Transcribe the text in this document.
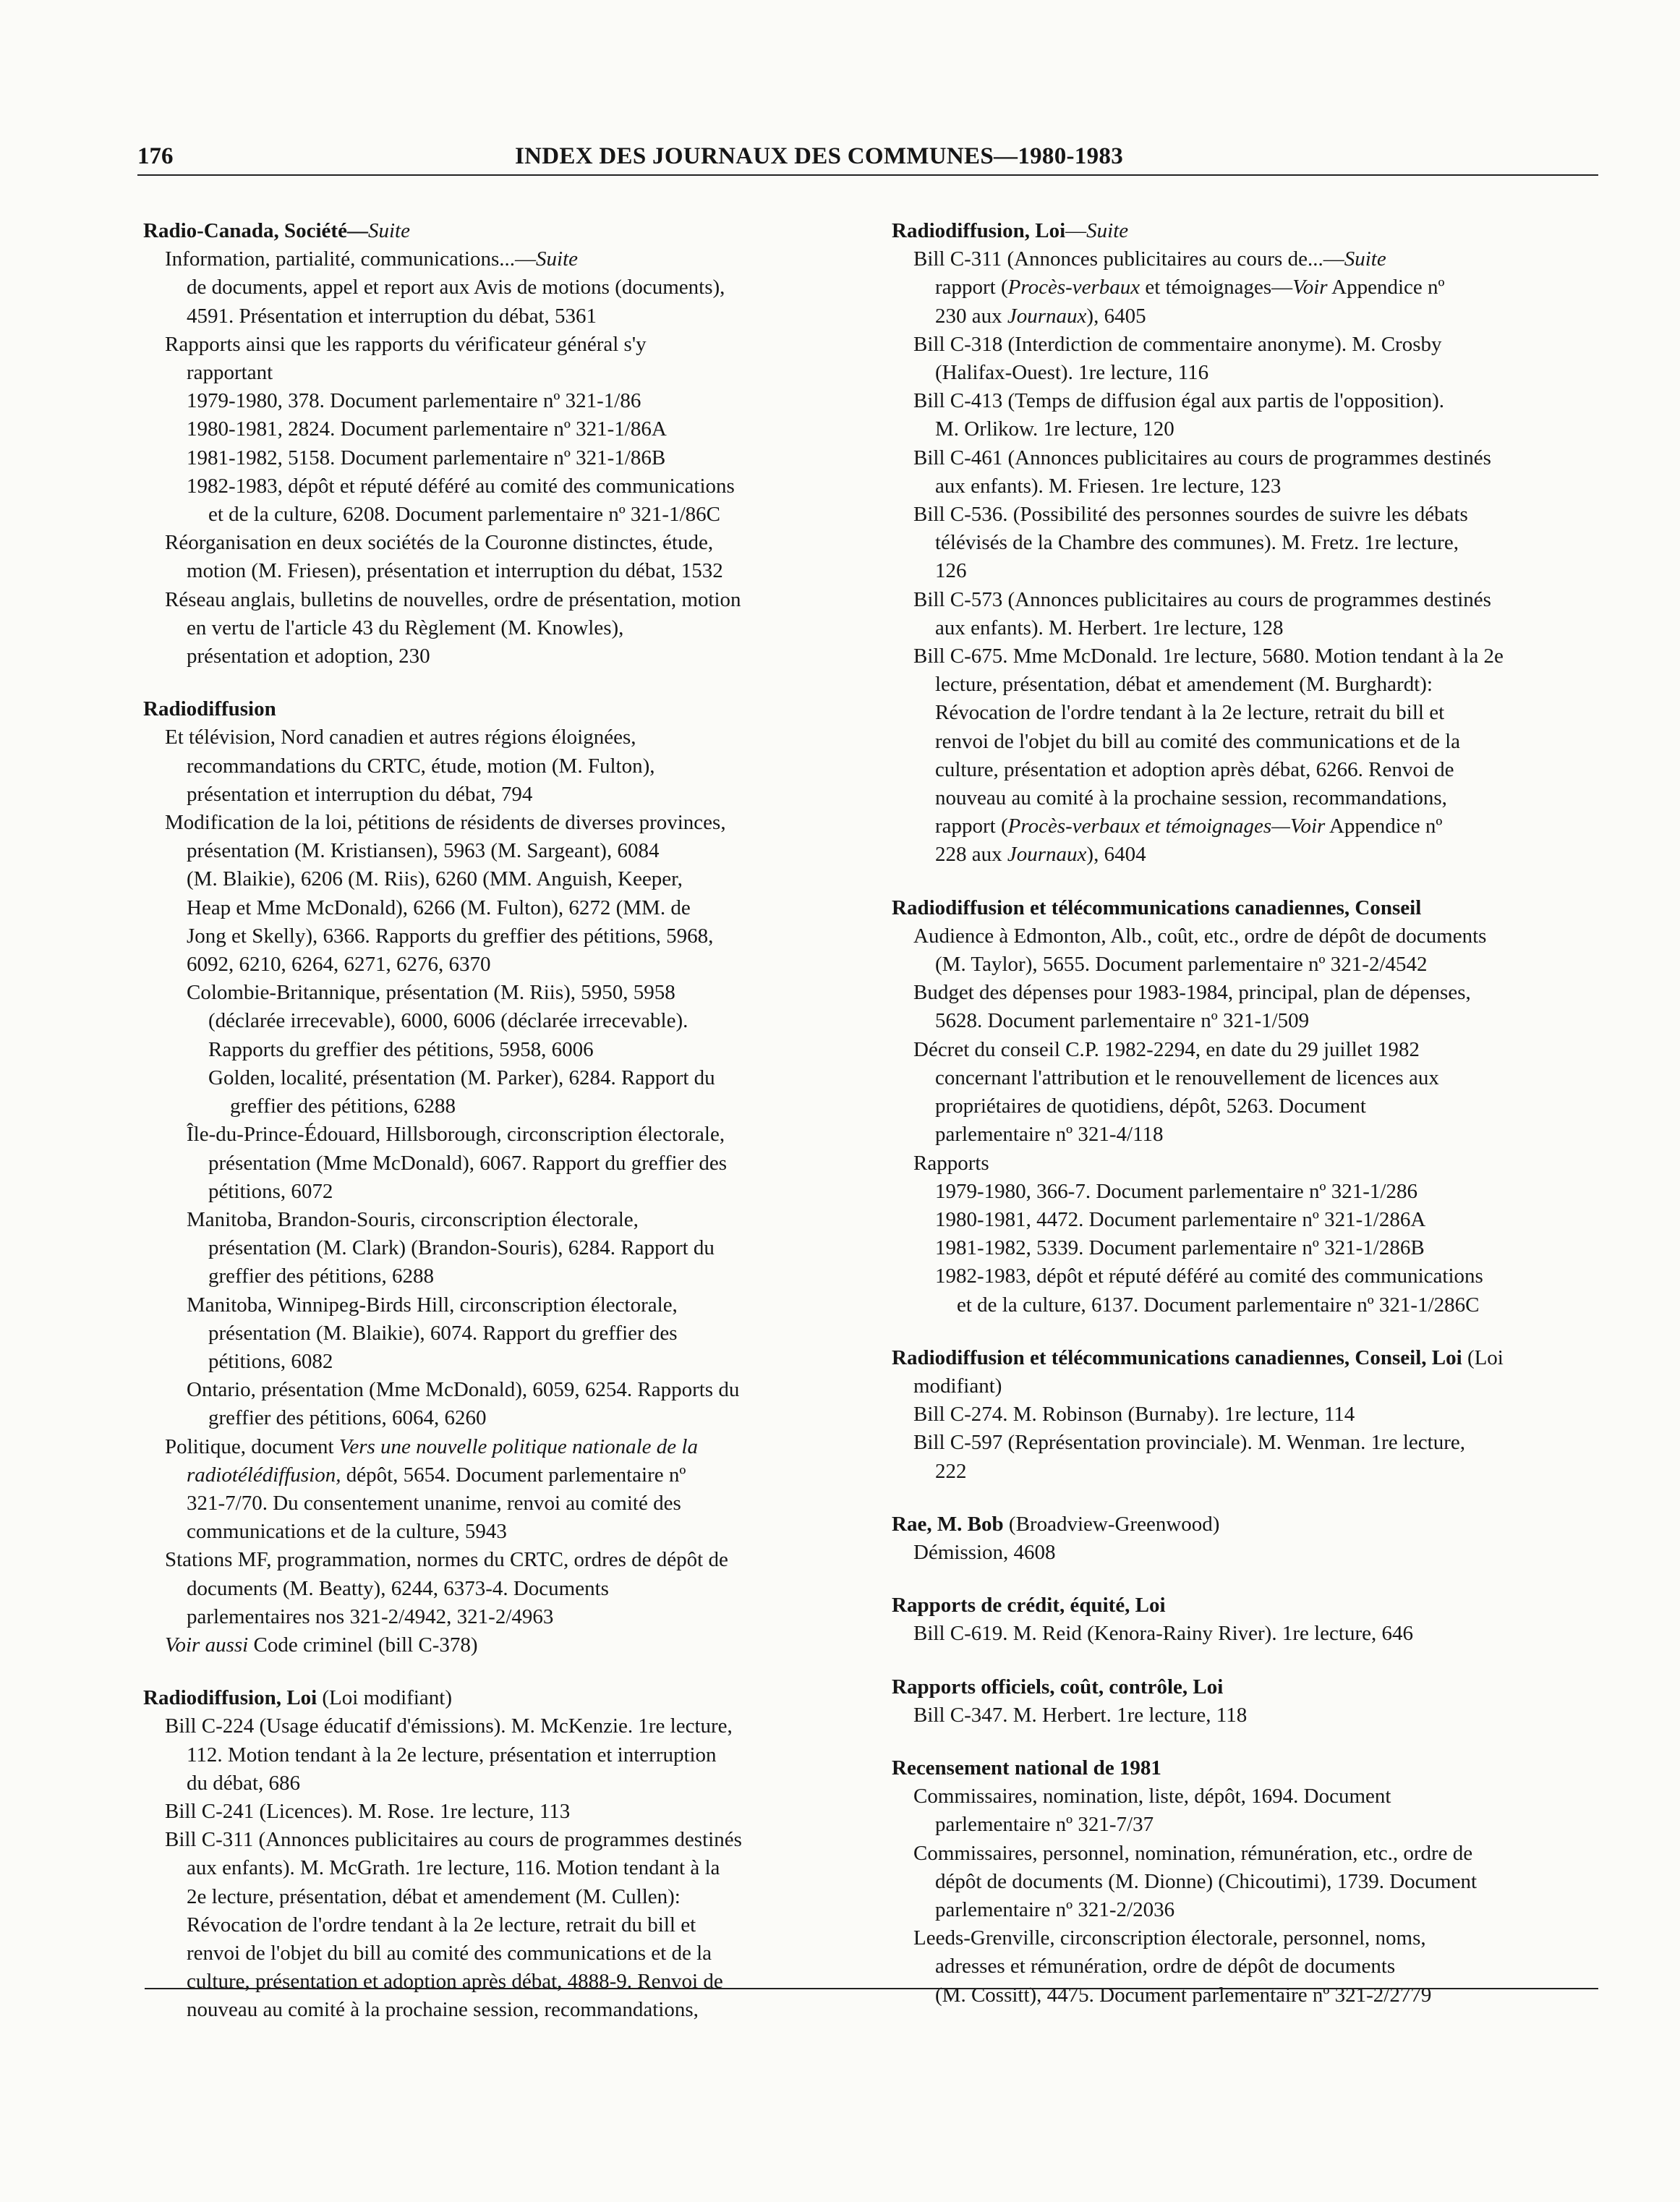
176	INDEX DES JOURNAUX DES COMMUNES—1980-1983
Radio-Canada, Société—Suite
Information, partialité, communications...—Suite
de documents, appel et report aux Avis de motions (documents),
4591. Présentation et interruption du débat, 5361
Rapports ainsi que les rapports du vérificateur général s'y
rapportant
1979-1980, 378. Document parlementaire nº 321-1/86
1980-1981, 2824. Document parlementaire nº 321-1/86A
1981-1982, 5158. Document parlementaire nº 321-1/86B
1982-1983, dépôt et réputé déféré au comité des communications
et de la culture, 6208. Document parlementaire nº 321-1/86C
Réorganisation en deux sociétés de la Couronne distinctes, étude,
motion (M. Friesen), présentation et interruption du débat, 1532
Réseau anglais, bulletins de nouvelles, ordre de présentation, motion
en vertu de l'article 43 du Règlement (M. Knowles),
présentation et adoption, 230
Radiodiffusion
Et télévision, Nord canadien et autres régions éloignées,
recommandations du CRTC, étude, motion (M. Fulton),
présentation et interruption du débat, 794
Modification de la loi, pétitions de résidents de diverses provinces,
présentation (M. Kristiansen), 5963 (M. Sargeant), 6084
(M. Blaikie), 6206 (M. Riis), 6260 (MM. Anguish, Keeper,
Heap et Mme McDonald), 6266 (M. Fulton), 6272 (MM. de
Jong et Skelly), 6366. Rapports du greffier des pétitions, 5968,
6092, 6210, 6264, 6271, 6276, 6370
Colombie-Britannique, présentation (M. Riis), 5950, 5958
(déclarée irrecevable), 6000, 6006 (déclarée irrecevable).
Rapports du greffier des pétitions, 5958, 6006
Golden, localité, présentation (M. Parker), 6284. Rapport du
greffier des pétitions, 6288
Île-du-Prince-Édouard, Hillsborough, circonscription électorale,
présentation (Mme McDonald), 6067. Rapport du greffier des
pétitions, 6072
Manitoba, Brandon-Souris, circonscription électorale,
présentation (M. Clark) (Brandon-Souris), 6284. Rapport du
greffier des pétitions, 6288
Manitoba, Winnipeg-Birds Hill, circonscription électorale,
présentation (M. Blaikie), 6074. Rapport du greffier des
pétitions, 6082
Ontario, présentation (Mme McDonald), 6059, 6254. Rapports du
greffier des pétitions, 6064, 6260
Politique, document Vers une nouvelle politique nationale de la
radiotélédiffusion, dépôt, 5654. Document parlementaire nº
321-7/70. Du consentement unanime, renvoi au comité des
communications et de la culture, 5943
Stations MF, programmation, normes du CRTC, ordres de dépôt de
documents (M. Beatty), 6244, 6373-4. Documents
parlementaires nos 321-2/4942, 321-2/4963
Voir aussi Code criminel (bill C-378)
Radiodiffusion, Loi (Loi modifiant)
Bill C-224 (Usage éducatif d'émissions). M. McKenzie. 1re lecture,
112. Motion tendant à la 2e lecture, présentation et interruption
du débat, 686
Bill C-241 (Licences). M. Rose. 1re lecture, 113
Bill C-311 (Annonces publicitaires au cours de programmes destinés
aux enfants). M. McGrath. 1re lecture, 116. Motion tendant à la
2e lecture, présentation, débat et amendement (M. Cullen):
Révocation de l'ordre tendant à la 2e lecture, retrait du bill et
renvoi de l'objet du bill au comité des communications et de la
culture, présentation et adoption après débat, 4888-9. Renvoi de
nouveau au comité à la prochaine session, recommandations,
Radiodiffusion, Loi—Suite
Bill C-311 (Annonces publicitaires au cours de...—Suite
rapport (Procès-verbaux et témoignages—Voir Appendice nº
230 aux Journaux), 6405
Bill C-318 (Interdiction de commentaire anonyme). M. Crosby
(Halifax-Ouest). 1re lecture, 116
Bill C-413 (Temps de diffusion égal aux partis de l'opposition).
M. Orlikow. 1re lecture, 120
Bill C-461 (Annonces publicitaires au cours de programmes destinés
aux enfants). M. Friesen. 1re lecture, 123
Bill C-536. (Possibilité des personnes sourdes de suivre les débats
télévisés de la Chambre des communes). M. Fretz. 1re lecture,
126
Bill C-573 (Annonces publicitaires au cours de programmes destinés
aux enfants). M. Herbert. 1re lecture, 128
Bill C-675. Mme McDonald. 1re lecture, 5680. Motion tendant à la 2e
lecture, présentation, débat et amendement (M. Burghardt):
Révocation de l'ordre tendant à la 2e lecture, retrait du bill et
renvoi de l'objet du bill au comité des communications et de la
culture, présentation et adoption après débat, 6266. Renvoi de
nouveau au comité à la prochaine session, recommandations,
rapport (Procès-verbaux et témoignages—Voir Appendice nº
228 aux Journaux), 6404
Radiodiffusion et télécommunications canadiennes, Conseil
Audience à Edmonton, Alb., coût, etc., ordre de dépôt de documents
(M. Taylor), 5655. Document parlementaire nº 321-2/4542
Budget des dépenses pour 1983-1984, principal, plan de dépenses,
5628. Document parlementaire nº 321-1/509
Décret du conseil C.P. 1982-2294, en date du 29 juillet 1982
concernant l'attribution et le renouvellement de licences aux
propriétaires de quotidiens, dépôt, 5263. Document
parlementaire nº 321-4/118
Rapports
1979-1980, 366-7. Document parlementaire nº 321-1/286
1980-1981, 4472. Document parlementaire nº 321-1/286A
1981-1982, 5339. Document parlementaire nº 321-1/286B
1982-1983, dépôt et réputé déféré au comité des communications
et de la culture, 6137. Document parlementaire nº 321-1/286C
Radiodiffusion et télécommunications canadiennes, Conseil, Loi (Loi
modifiant)
Bill C-274. M. Robinson (Burnaby). 1re lecture, 114
Bill C-597 (Représentation provinciale). M. Wenman. 1re lecture,
222
Rae, M. Bob (Broadview-Greenwood)
Démission, 4608
Rapports de crédit, équité, Loi
Bill C-619. M. Reid (Kenora-Rainy River). 1re lecture, 646
Rapports officiels, coût, contrôle, Loi
Bill C-347. M. Herbert. 1re lecture, 118
Recensement national de 1981
Commissaires, nomination, liste, dépôt, 1694. Document
parlementaire nº 321-7/37
Commissaires, personnel, nomination, rémunération, etc., ordre de
dépôt de documents (M. Dionne) (Chicoutimi), 1739. Document
parlementaire nº 321-2/2036
Leeds-Grenville, circonscription électorale, personnel, noms,
adresses et rémunération, ordre de dépôt de documents
(M. Cossitt), 4475. Document parlementaire nº 321-2/2779
